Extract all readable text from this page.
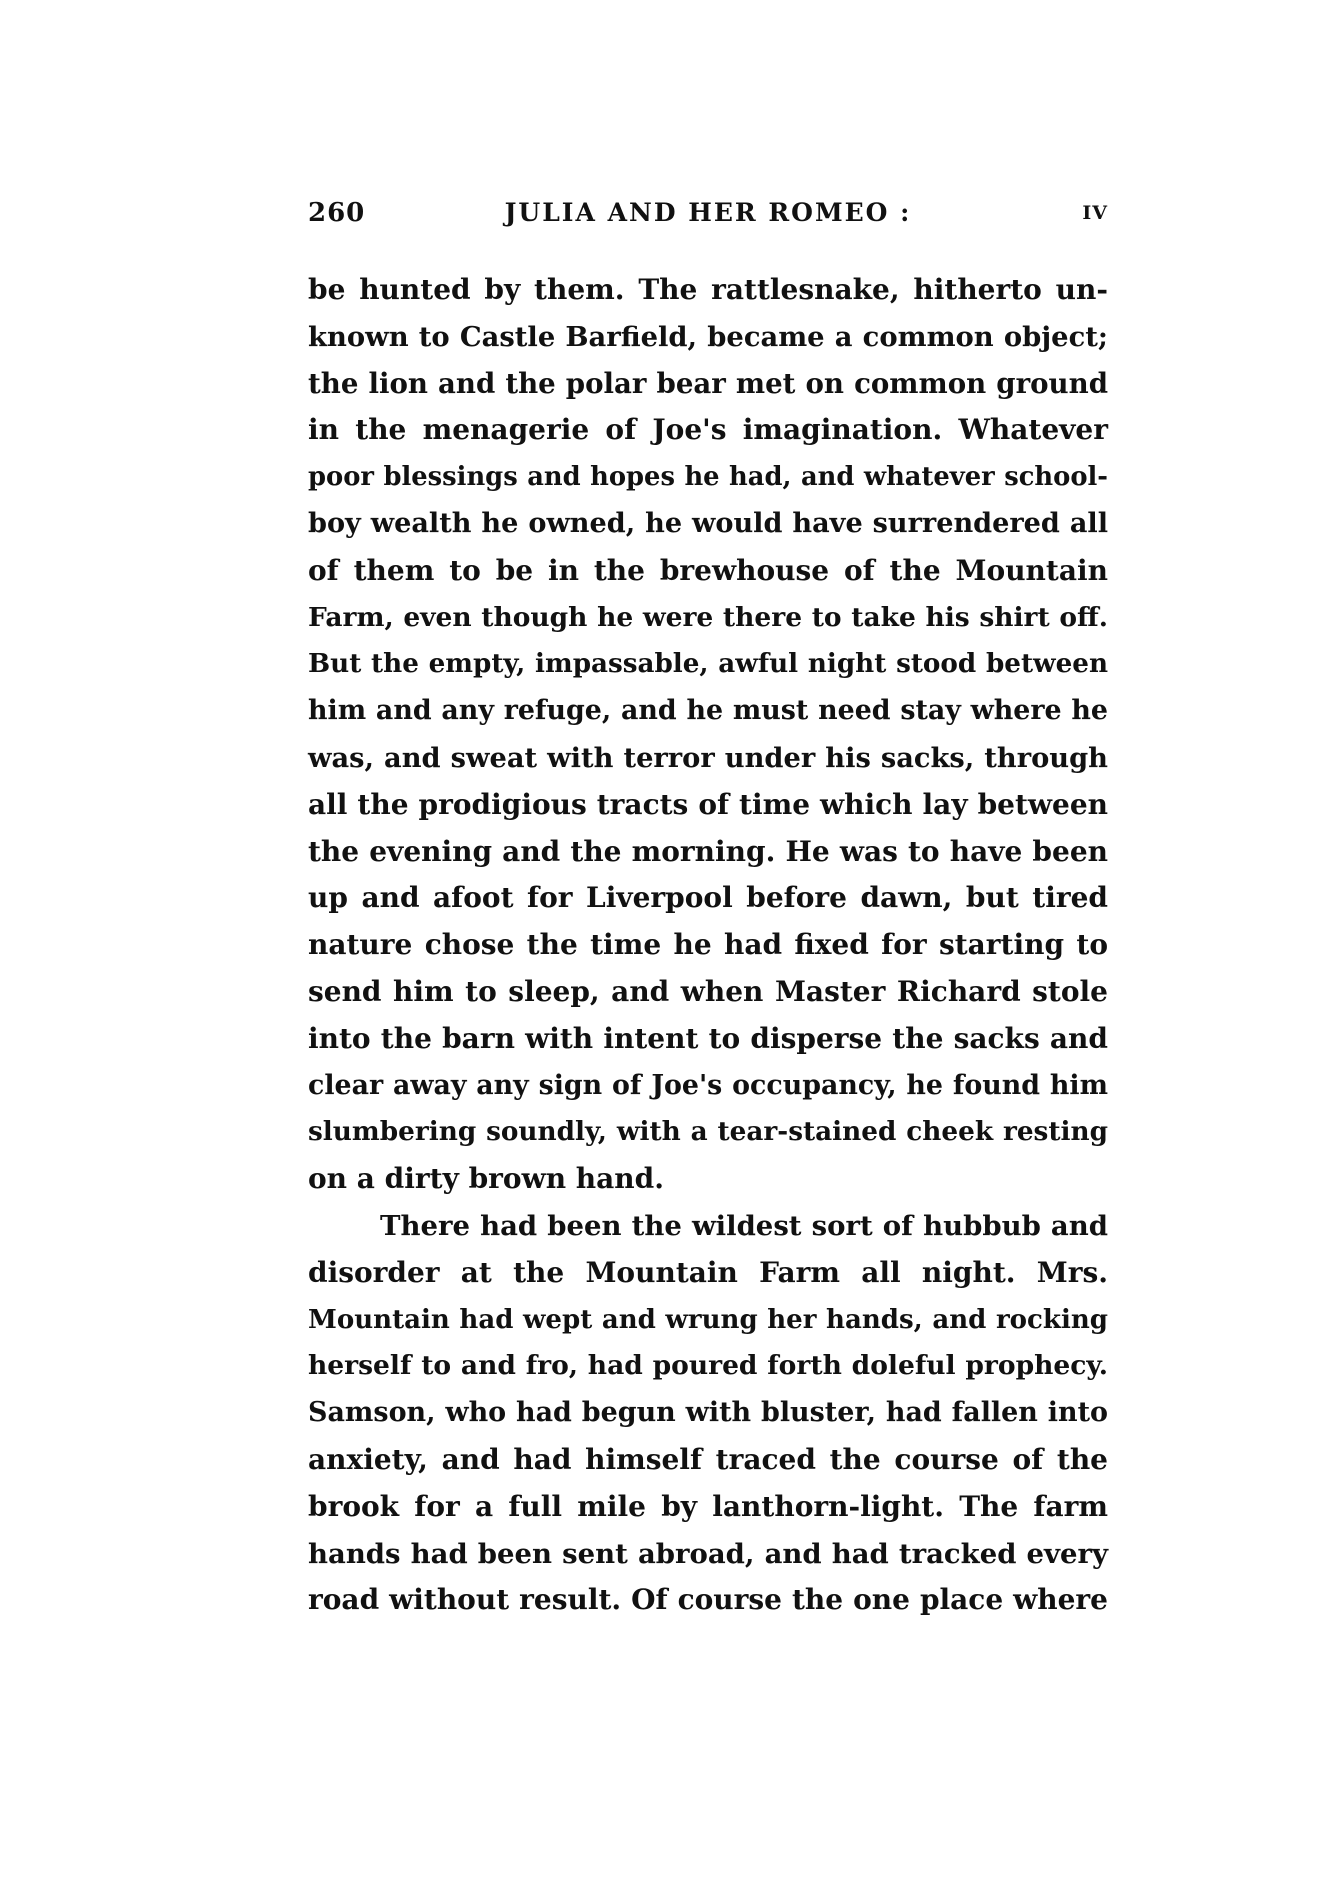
260	JULIA AND HER ROMEO :	IV
be hunted by them. The rattlesnake, hitherto un-
known to Castle Barfield, became a common object;
the lion and the polar bear met on common ground
in the menagerie of Joe's imagination. Whatever
poor blessings and hopes he had, and whatever school-
boy wealth he owned, he would have surrendered all
of them to be in the brewhouse of the Mountain
Farm, even though he were there to take his shirt off.
But the empty, impassable, awful night stood between
him and any refuge, and he must need stay where he
was, and sweat with terror under his sacks, through
all the prodigious tracts of time which lay between
the evening and the morning. He was to have been
up and afoot for Liverpool before dawn, but tired
nature chose the time he had fixed for starting to
send him to sleep, and when Master Richard stole
into the barn with intent to disperse the sacks and
clear away any sign of Joe's occupancy, he found him
slumbering soundly, with a tear-stained cheek resting
on a dirty brown hand.
There had been the wildest sort of hubbub and
disorder at the Mountain Farm all night. Mrs.
Mountain had wept and wrung her hands, and rocking
herself to and fro, had poured forth doleful prophecy.
Samson, who had begun with bluster, had fallen into
anxiety, and had himself traced the course of the
brook for a full mile by lanthorn-light. The farm
hands had been sent abroad, and had tracked every
road without result. Of course the one place where
